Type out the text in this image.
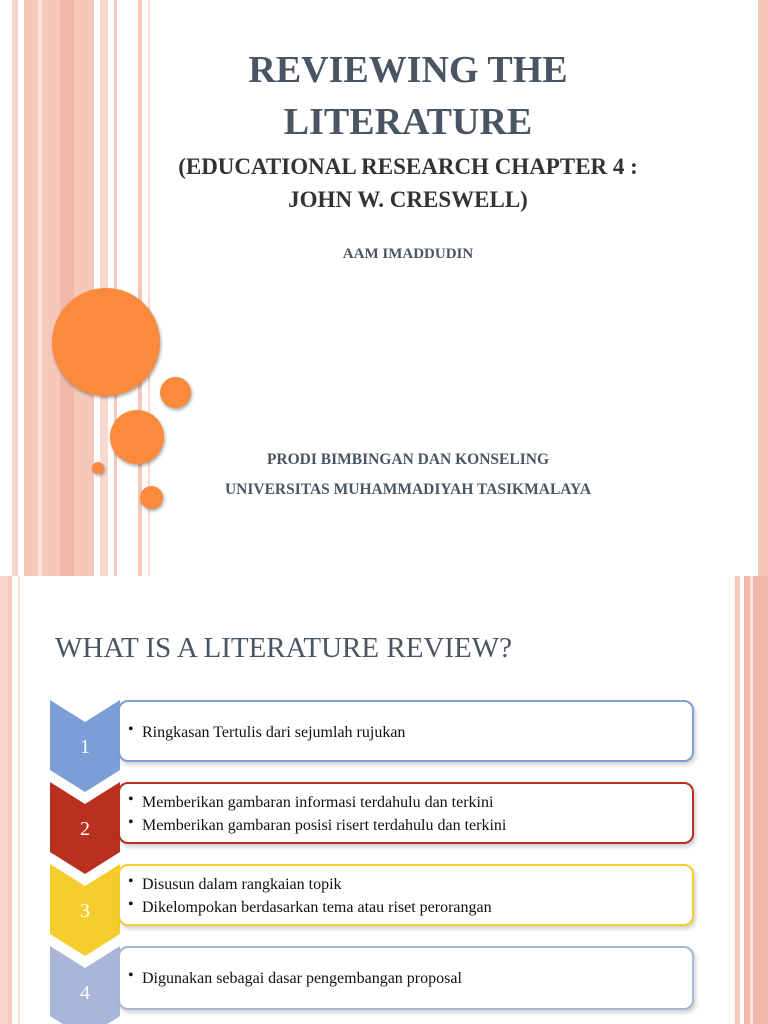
REVIEWING THE
LITERATURE
(EDUCATIONAL RESEARCH CHAPTER 4 :
JOHN W. CRESWELL)
AAM IMADDUDIN
PRODI BIMBINGAN DAN KONSELING
UNIVERSITAS MUHAMMADIYAH TASIKMALAYA
WHAT IS A LITERATURE REVIEW?
1
• Ringkasan Tertulis dari sejumlah rujukan
2
• Memberikan gambaran informasi terdahulu dan terkini
• Memberikan gambaran posisi risert terdahulu dan terkini
3
• Disusun dalam rangkaian topik
• Dikelompokan berdasarkan tema atau riset perorangan
4
• Digunakan sebagai dasar pengembangan proposal
